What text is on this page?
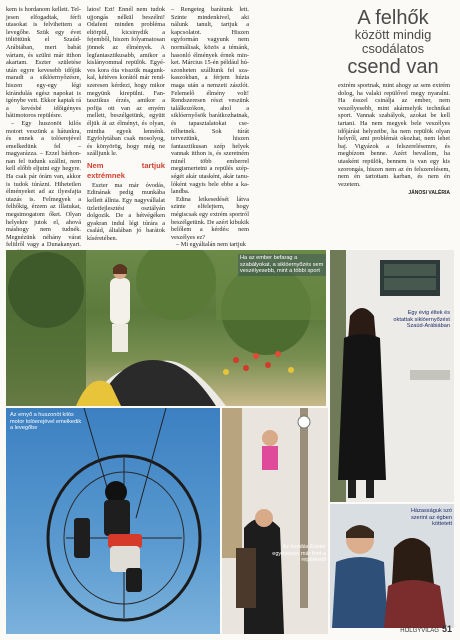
kem is hordanom kellett. Teljesen elfogadtak, férfi utasokat is felvihettem a levegőbe. Szük egy évet töltöttünk el Szaúd-Arábiában, mert babát vártam, és szülni már itthon akartam. Eszter születése után egyre kevesebb időjük maradt a siklóernyőzésre, hiszen egy-egy légi kirándulás egész napokat is igénybe vett. Ekkor kaptak rá a kevésbé időigényes hátimotoros repülésre.

– Egy huszonöt kilós motort veszünk a hátunkra, és ennek a tolóerejével emelkedünk fel – magyarázza. – Ezzel bárhonnan fel tudunk szállni, nem kell előbb eljutni egy hegyre. Ha csak pár órám van, akkor is tudok túrázni. Hihetetlen élményeket ad az ilyesfajta utazás is. Felmegyek a felhőkig, érzem az illatukat, megsimogatom őket. Olyan helyekre jutok el, ahová máshogy nem tudnék. Megnézünk néhány várat felülről vagy a Dunakanyart.

latos! Ezt! Ennél nem tudok ujjongás nélkül beszélni! Odafent minden probléma eltörpül, kicsinydik a fejemből, hiszen folyamatosan jönnek az élmények. A legfantasztikusabb, amikor a kislányommal repülök. Egyéves kora óta visszük magunkkal, kétéves korától már rendszeresen kérdezi, hogy mikor megyünk kirepülni. Fantasztikus érzés, amikor a pofija ott van az enyém mellett, beszélgetünk, együtt éljük át az élményt, és olyan, mintha egyek lennénk. Egyfolytában csak mosolyog, és könyörög, hogy még ne szálljunk le.

Nem tartjuk extrémnek

Eszter ma már óvodás, Edinának pedig munkába kellett állnia. Egy nagyvállalat üzletfejlesztési osztályán dolgozik. De a hétvégéken gyakran indul légi túrára a család, általában jó barátok kíséretében.

– Rengeteg barátunk lett. Szinte mindenkivel, aki nálunk tanult, tartjuk a kapcsolatot. Hiszen egyformán vagyunk nem normálisak, közös a témánk, hasonló élmények érnek minket. Március 15-én például húszonheten szálltunk fel szakaszokban, a férjem húzta maga után a nemzeti zászlót. Felemelő élmény volt! Rendszeresen részt veszünk találkozókon, ahol a siklóernyősök barátkozhatnak, és tapasztalatokat cserélhetnek. Sok túrát terveztünk, hiszen fantasztikusan szép helyek vannak itthon is, és szeretném minél több emberrel megismertetni a repülés szépségét akár utasként, akár tanulóként vagyis bele ebbe a kalandba.

Edina leikesedését látva szinte elfelejtem, hogy mégiscsak egy extrém sportról beszélgetünk. De azért kibukik belőlem a kérdés: nem veszélyes ez?

– Mi egyáltalán nem tartjuk

A felhők
között mindig
csodálatos
csend van

extrém sportnak, mint ahogy az sem extrém dolog, ha valaki repülővel megy nyaralni. Ha ésszel csinálja az ember, nem veszélyesebb, mint akármelyik technikai sport. Vannak szabályok, azokat be kell tartani. Ha nem megyek bele veszélyes időjárási helyzetbe, ha nem repülök olyan helyről, ami problémát okozhat, nem lehet baj. Vigyázok a felszerelésemre, és megbízom benne. Azért bevallom, ha utasként repülök, bennem is van egy kis szorongás, hiszen nem az én felszerelésem, nem én tartottam karban, és nem én vezetem.

JÁNOSI VALÉRIA
Ha az ember befarag a szabályokat, a siklóernyőzés sem veszélyesebb, mint a többi sport
Egy évig éltek és oktattak siklóernyőzést Szaúd-Arábiában
Az ernyő a huszonöt kilós motor tolóerejével emelkedik a levegőbe
Az óvodás Eszter egyévesen már fent a repülésről
Házasságuk szó szerint az égben köttetett
HÖLGYVILÁG 51
